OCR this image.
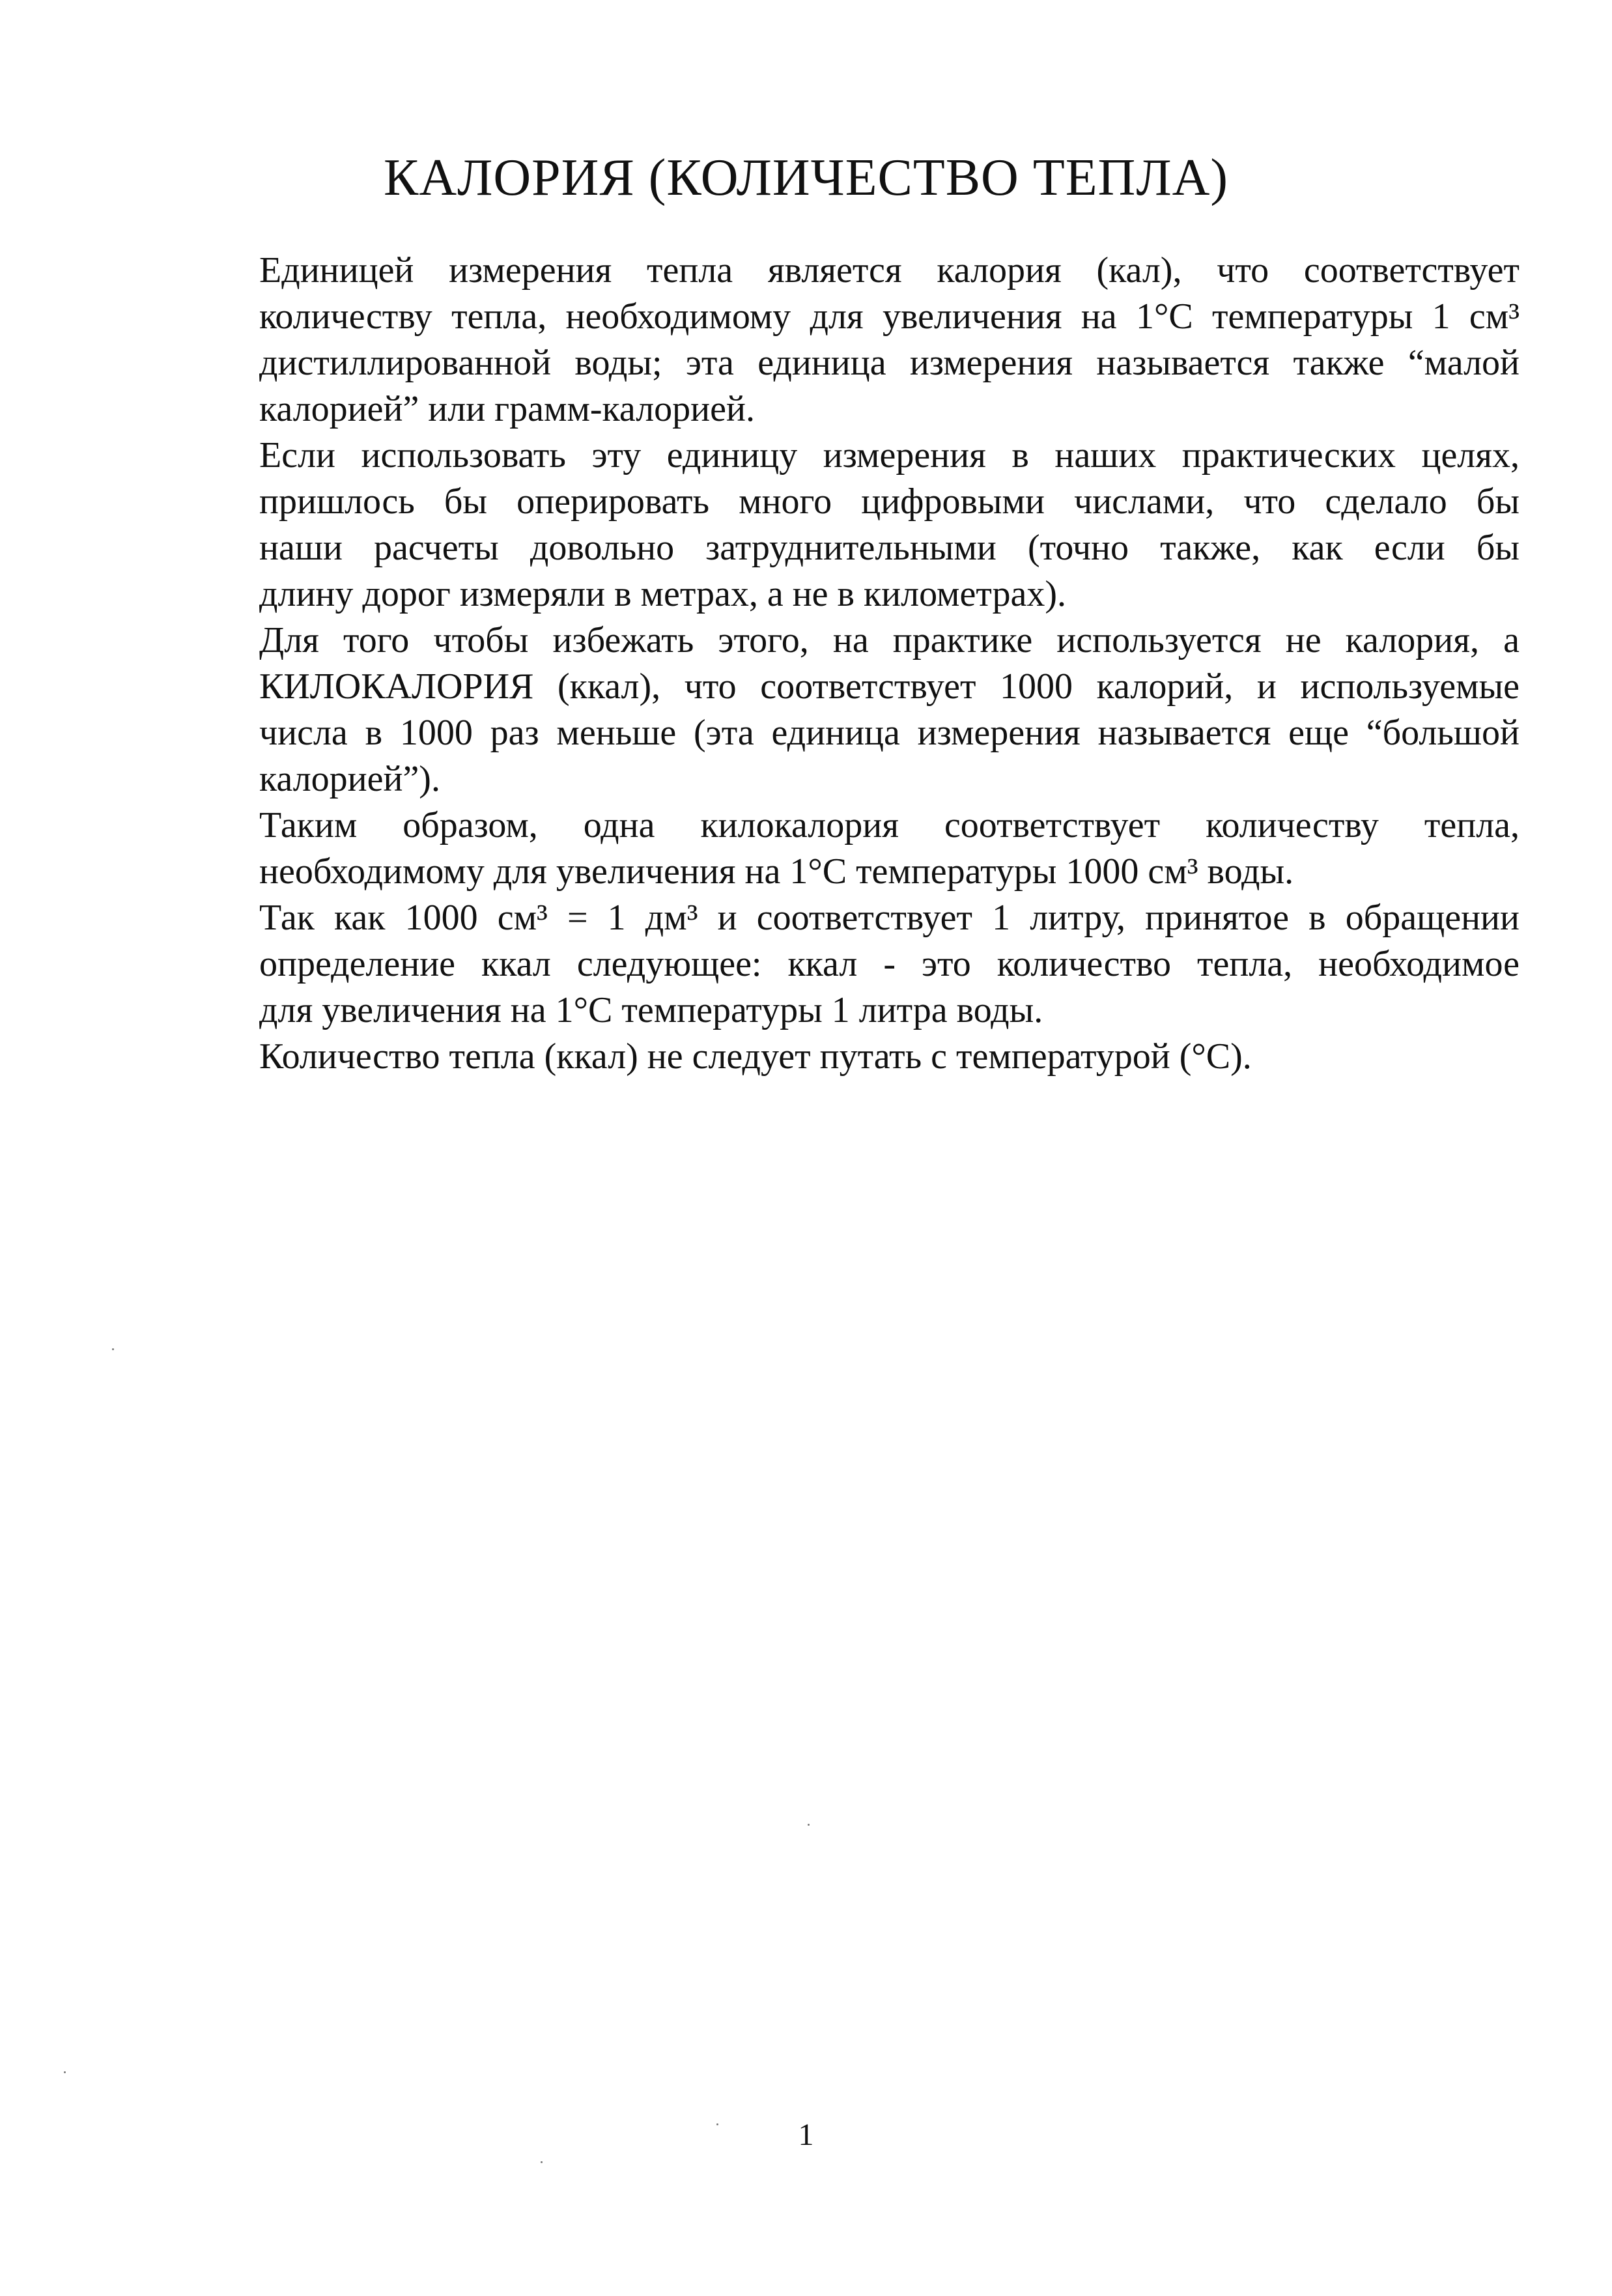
КАЛОРИЯ (КОЛИЧЕСТВО ТЕПЛА)

Единицей измерения тепла является калория (кал), что соответствует
количеству тепла, необходимому для увеличения на 1°С температуры 1 см³
дистиллированной воды; эта единица измерения называется также “малой
калорией” или грамм-калорией.

Если использовать эту единицу измерения в наших практических целях,
пришлось бы оперировать много цифровыми числами, что сделало бы
наши расчеты довольно затруднительными (точно также, как если бы
длину дорог измеряли в метрах, а не в километрах).

Для того чтобы избежать этого, на практике используется не калория, а
КИЛОКАЛОРИЯ (ккал), что соответствует 1000 калорий, и используемые
числа в 1000 раз меньше (эта единица измерения называется еще “большой
калорией”).

Таким образом, одна килокалория соответствует количеству тепла,
необходимому для увеличения на 1°С температуры 1000 см³ воды.

Так как 1000 см³ = 1 дм³ и соответствует 1 литру, принятое в обращении
определение ккал следующее: ккал - это количество тепла, необходимое
для увеличения на 1°С температуры 1 литра воды.

Количество тепла (ккал) не следует путать с температурой (°С).

1
